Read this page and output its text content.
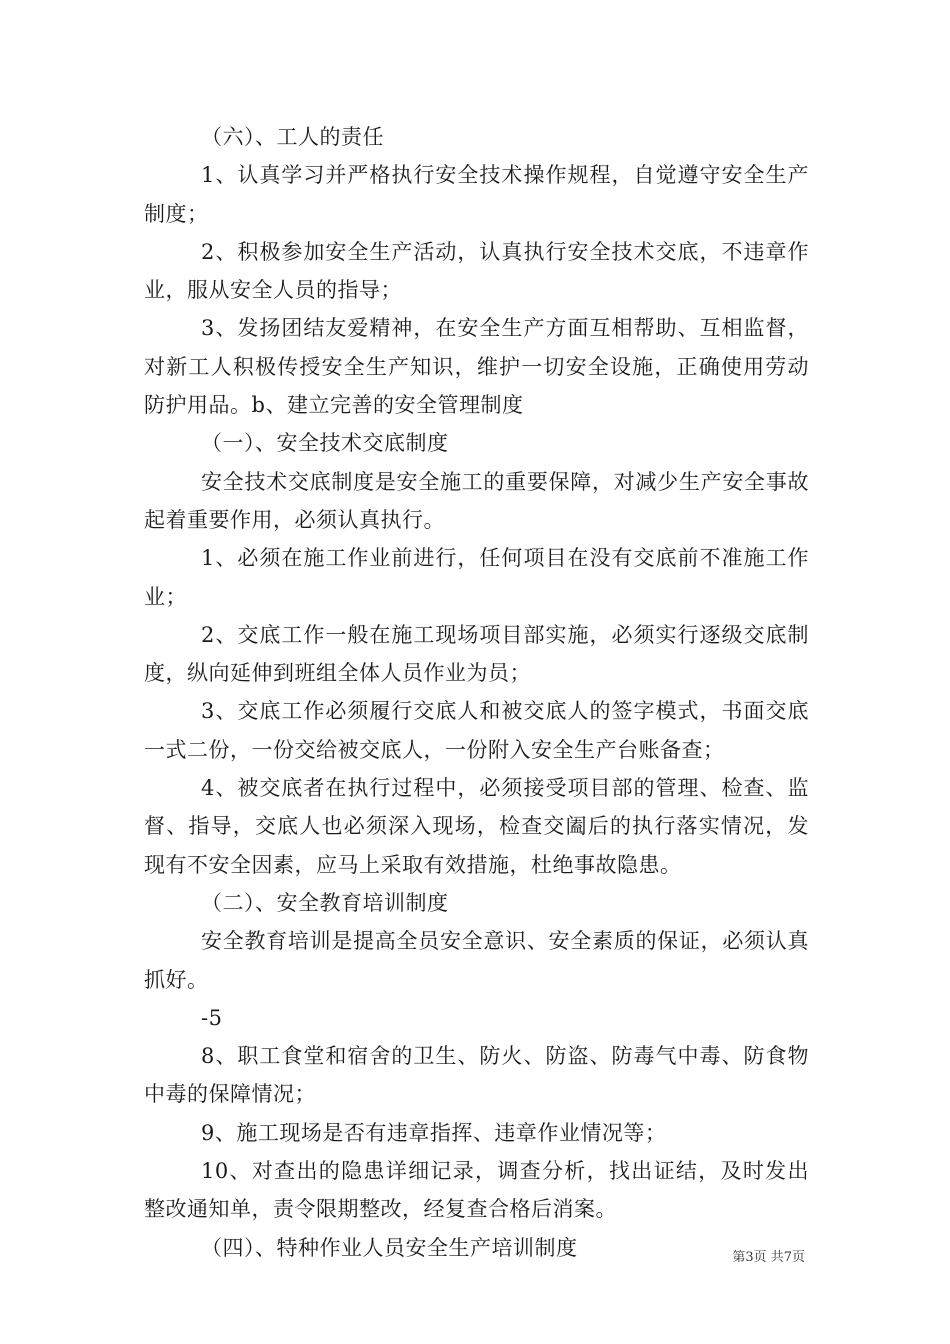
（六）、工人的责任

1、认真学习并严格执行安全技术操作规程，自觉遵守安全生产制度；

2、积极参加安全生产活动，认真执行安全技术交底，不违章作业，服从安全人员的指导；

3、发扬团结友爱精神，在安全生产方面互相帮助、互相监督，对新工人积极传授安全生产知识，维护一切安全设施，正确使用劳动防护用品。b、建立完善的安全管理制度

（一）、安全技术交底制度

安全技术交底制度是安全施工的重要保障，对减少生产安全事故起着重要作用，必须认真执行。

1、必须在施工作业前进行，任何项目在没有交底前不准施工作业；

2、交底工作一般在施工现场项目部实施，必须实行逐级交底制度，纵向延伸到班组全体人员作业为员；

3、交底工作必须履行交底人和被交底人的签字模式，书面交底一式二份，一份交给被交底人，一份附入安全生产台账备查；

4、被交底者在执行过程中，必须接受项目部的管理、检查、监督、指导，交底人也必须深入现场，检查交阖后的执行落实情况，发现有不安全因素，应马上采取有效措施，杜绝事故隐患。

（二）、安全教育培训制度

安全教育培训是提高全员安全意识、安全素质的保证，必须认真抓好。

-5

8、职工食堂和宿舍的卫生、防火、防盗、防毒气中毒、防食物中毒的保障情况；

9、施工现场是否有违章指挥、违章作业情况等；

10、对查出的隐患详细记录，调查分析，找出证结，及时发出整改通知单，责令限期整改，经复查合格后消案。

（四）、特种作业人员安全生产培训制度	第3页 共7页
